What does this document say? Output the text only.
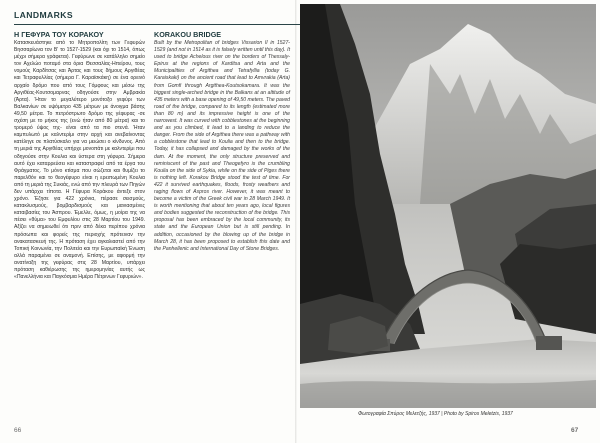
LANDMARKS
Η ΓΕΦΥΡΑ ΤΟΥ ΚΟΡΑΚΟΥ

Κατασκευάστηκε από το Μητροπολίτη των Γεφυρών Βησσαρίωνα τον Β' το 1527-1529 (και όχι το 1514, όπως μέχρι σήμερα γράφεται). Γεφύρωνε σε κατάλληλο σημείο τον Αχελώο ποταμό στα όρια Θεσσαλίας-Ηπείρου, τους νομούς Καρδίτσας και Άρτας και τους δήμους Αργιθέας και Τετραφυλλίας (σήμερα Γ. Καραϊσκάκη) σε ένα ορεινό αρχαίο δρόμο που από τους Γόμφους και μέσω της Αργιθέας-Κουτσομαρνας οδηγούσε στην Αμβρακία (Άρτα). Ήταν το μεγαλύτερο μονότοξο γεφύρι των Βαλκανίων σε υψόμετρο 435 μέτρων με άνοιγμα βάσης 49,50 μέτρα. Το πετρόστρωτο δρόμο της γέφυρας -σε σχέση με το μήκος της (ενώ ήταν από 80 μέτρα) και το τρομερό ύψος της- είναι από τα πιο στενά. Ήταν καμπυλωτό με καλντερίμι στην αρχή και ανεβαίνοντας κατέληγε σε πλατύσκαλο για να μειώσει ο κίνδυνος. Από τη μεριά της Αργιθέας υπήρχε μονοπάτι με καλντερίμι που οδηγούσε στην Κουλια και ύστερα στη γέφυρα. Σήμερα αυτό έχει καταρρεύσει και καταστραφεί από τα έργα του Φράγματος. Το μόνο κτίσμα που σώζεται και θυμίζει το παρελθόν και το θεογέφυρο είναι η ερειπωμένη Κουλια από τη μεριά της Συκιάς, ενώ από την πλευρά των Πηγών δεν υπάρχει τίποτα. Η Γέφυρα Κοράκου άντεξε στον χρόνο. Έζησε για 422 χρόνια, πέρασε σεισμούς, κατακλυσμούς, βομβαρδισμούς και μανιασμένες καταιβασίες του Άσπρου. Έμελλε, όμως, η μοίρα της να πέσει «θύμα» του Εμφυλίου στις 28 Μαρτίου του 1949. Αξίζει να σημειωθεί ότι πριν από δέκα περίπου χρόνια πρόσωπα και φορείς της περιοχής πρότειναν την ανακατασκευή της. Η πρόταση έχει αγκαλιαστεί από την Τοπική Κοινωνία, την Πολιτεία και την Ευρωπαϊκή Ένωση αλλά παραμένει σε αναμονή. Επίσης, με αφορμή την ανατίναξη της γεφύρας στις 28 Μαρτίου, υπάρχει πρόταση καθιέρωσης της ημερομηνίας αυτής ως «Πανελλήνια και Παγκόσμια Ημέρα Πέτρινων Γεφυριών».

KORAKOU BRIDGE

Built by the Metropolitan of bridges Vissarion II in 1527-1529 (and not in 1514 as it is falsely written until this day). It used to bridge Achelous river on the borders of Thessaly-Epirus at the regions of Karditsa and Arta and the Municipalities of Argithea and Tetrafyllia (today G. Karaiskaki) on the ancient road that lead to Amvrakia (Arta) from Gomfi through Argithea-Koutsokamara. It was the biggest single-arched bridge in the Balkans at an altitude of 435 meters with a base opening of 49,50 meters. The paved road of the bridge, compared to its length (estimated more than 80 m) and its impressive height is one of the narrowest. It was curved with cobblestones at the beginning and as you climbed, it lead to a landing to reduce the danger. From the side of Argithea there was a pathway with a cobblestone that lead to Koulia and then to the bridge. Today, it has collapsed and damaged by the works of the dam. At the moment, the only structure preserved and reminiscent of the past and Theogefyro is the crumbling Koulia on the side of Sykia, while on the side of Piges there is nothing left. Korakou Bridge stood the test of time. For 422 it survived earthquakes, floods, frosty weathers and raging flows of Aspros river. However, it was meant to become a victim of the Greek civil war in 28 March 1949. It is worth mentioning that about ten years ago, local figures and bodies suggested the reconstruction of the bridge. This proposal has been embraced by the local community, its state and the European Union but is still pending. In addition, occasioned by the blowing up of the bridge in March 28, it has been proposed to establish this date and the Panhellenic and International Day of Stone Bridges.

Φωτογραφία Σπύρος Μελετζής, 1937 | Photo by Spiros Meletzis, 1937
66	67
